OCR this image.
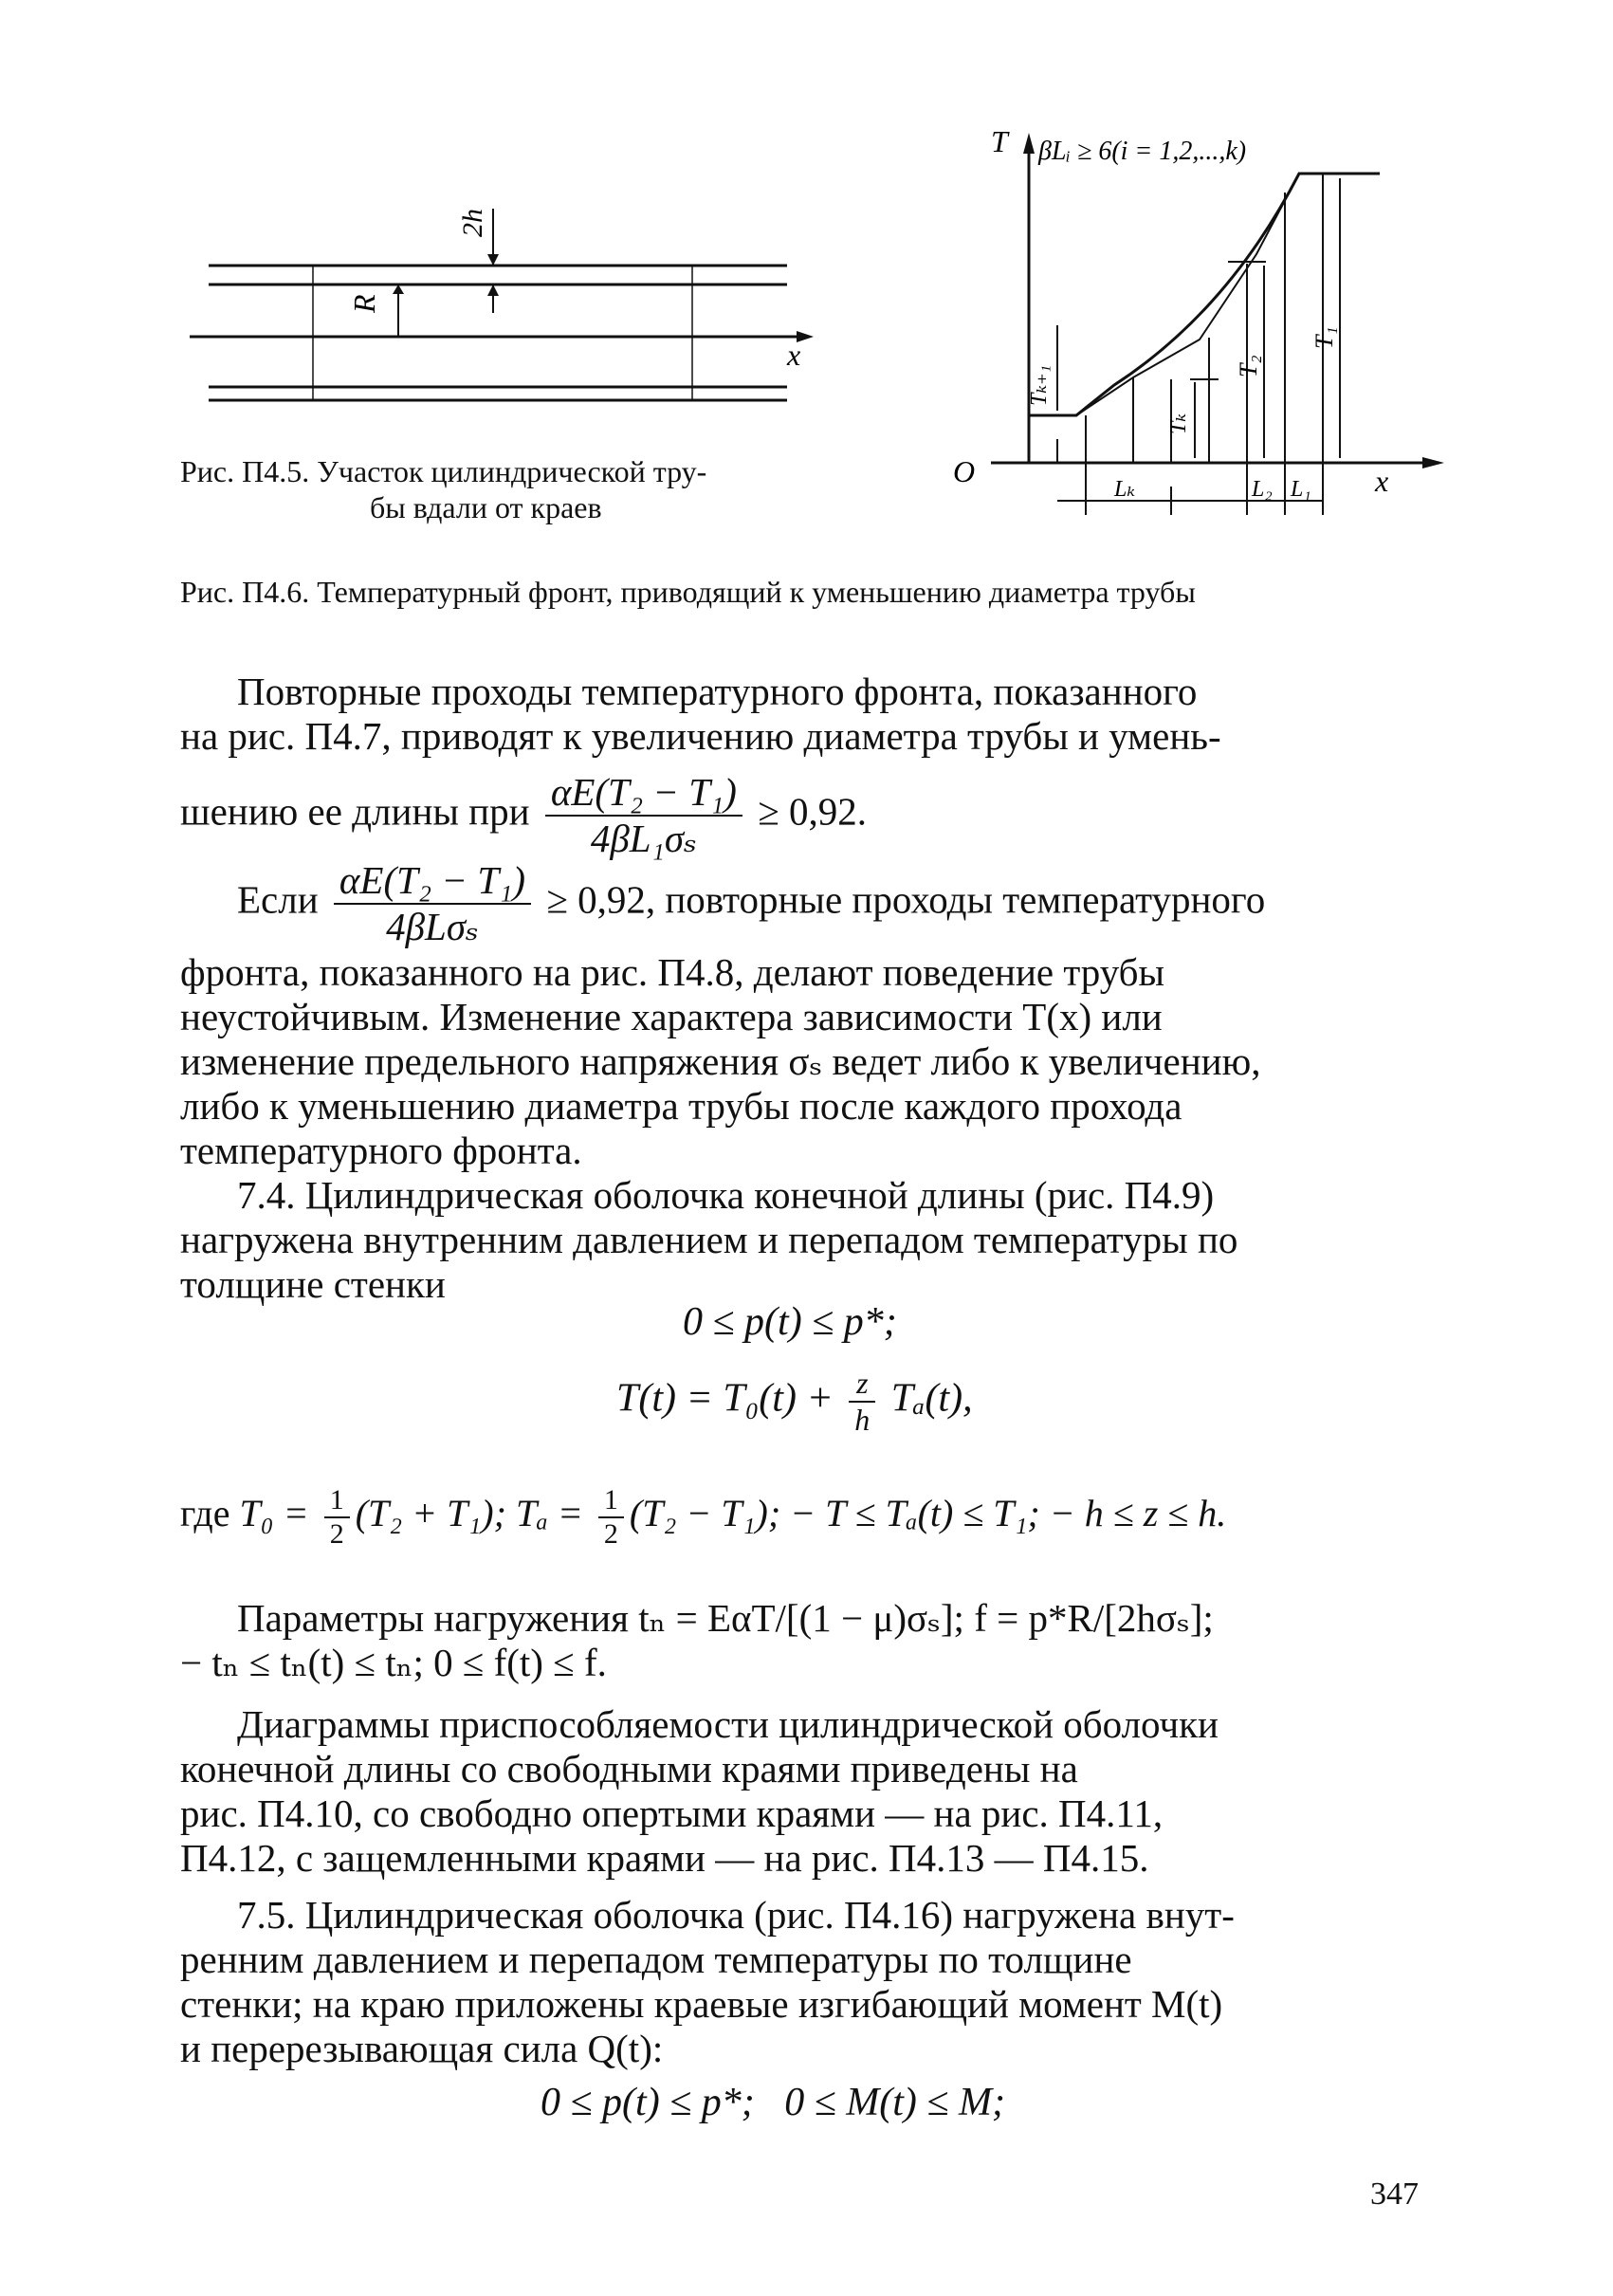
R
2h
x
Рис. П4.5. Участок цилиндрической тру-
бы вдали от краев
βLᵢ ≥ 6(i = 1,2,...,k)
T
O	x
Tₖ₊₁
Tₖ
T₂
T₁
Lₖ	L₂ L₁
Рис. П4.6. Температурный фронт, приводящий к уменьшению диаметра трубы
Повторные проходы температурного фронта, показанного
на рис. П4.7, приводят к увеличению диаметра трубы и умень-
шению ее длины при $\frac{\text{αE(T₂ − T₁)}}{\text{4βL₁σₛ}} \ge 0,92$.
Если $\frac{\text{αE(T₂ − T₁)}}{\text{4βLσₛ}} \ge 0,92$, повторные проходы температурного
фронта, показанного на рис. П4.8, делают поведение трубы
неустойчивым. Изменение характера зависимости T(x) или
изменение предельного напряжения σₛ ведет либо к увеличению,
либо к уменьшению диаметра трубы после каждого прохода
температурного фронта.
7.4. Цилиндрическая оболочка конечной длины (рис. П4.9)
нагружена внутренним давлением и перепадом температуры по
толщине стенки
0 ≤ p(t) ≤ p*;
$T(t) = T_0(t) + \frac{z}{h} T_a(t)$,
где $T_0 = \frac{1}{2} (T_2 + T_1)$; $T_a = \frac{1}{2} (T_2 - T_1)$; − T ≤ Tₐ(t) ≤ T₁; − h ≤ z ≤ h.
Параметры нагружения tₙ = EαT/[(1 − μ)σₛ]; f = p*R/[2hσₛ];
− tₙ ≤ tₙ(t) ≤ tₙ; 0 ≤ f(t) ≤ f.
Диаграммы приспособляемости цилиндрической оболочки
конечной длины со свободными краями приведены на
рис. П4.10, со свободно опертыми краями — на рис. П4.11,
П4.12, с защемленными краями — на рис. П4.13 — П4.15.
7.5. Цилиндрическая оболочка (рис. П4.16) нагружена внут-
ренним давлением и перепадом температуры по толщине
стенки; на краю приложены краевые изгибающий момент M(t)
и перерезывающая сила Q(t):
0 ≤ p(t) ≤ p*;   0 ≤ M(t) ≤ M;
347
